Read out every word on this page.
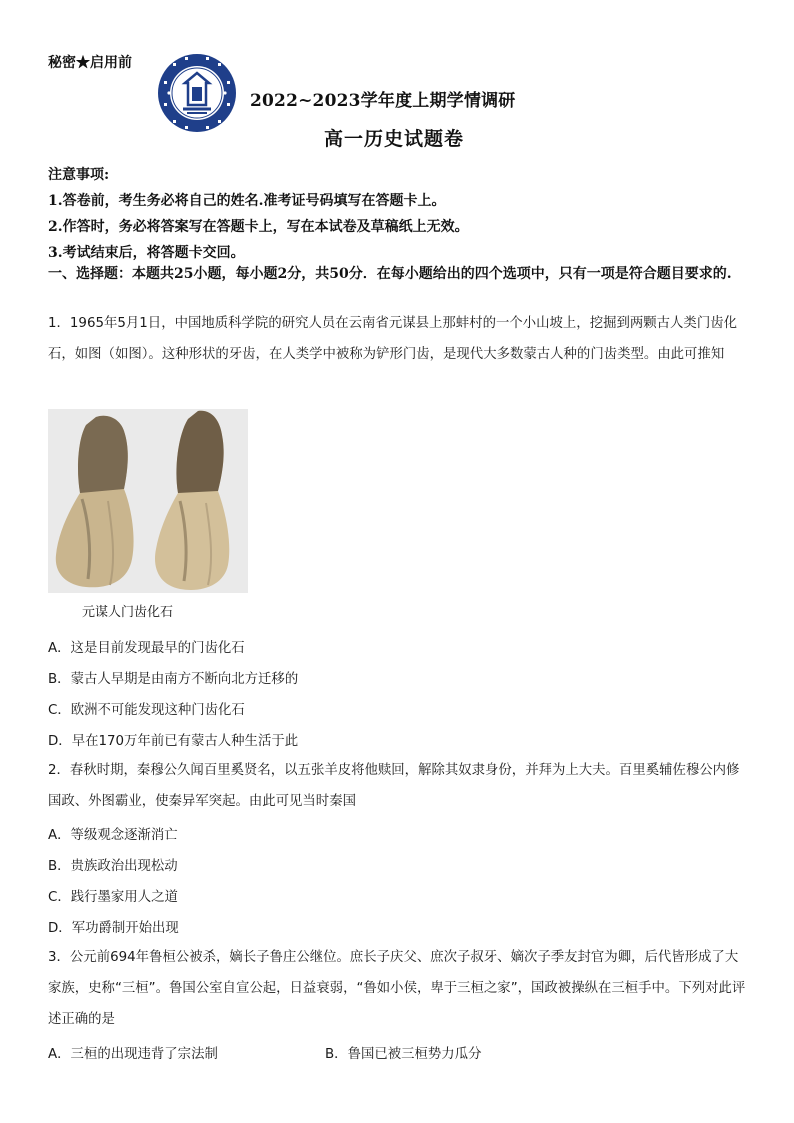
秘密★启用前
2022~2023学年度上期学情调研
高一历史试题卷
注意事项:
1.答卷前，考生务必将自己的姓名.准考证号码填写在答题卡上。
2.作答时，务必将答案写在答题卡上，写在本试卷及草稿纸上无效。
3.考试结束后，将答题卡交回。
一、选择题：本题共25小题，每小题2分，共50分．在每小题给出的四个选项中，只有一项是符合题目要求的.
1．1965年5月1日，中国地质科学院的研究人员在云南省元谋县上那蚌村的一个小山坡上，挖掘到两颗古人类门齿化石，如图（如图）。这种形状的牙齿，在人类学中被称为铲形门齿，是现代大多数蒙古人种的门齿类型。由此可推知
元谋人门齿化石
A．这是目前发现最早的门齿化石
B．蒙古人早期是由南方不断向北方迁移的
C．欧洲不可能发现这种门齿化石
D．早在170万年前已有蒙古人种生活于此
2．春秋时期，秦穆公久闻百里奚贤名，以五张羊皮将他赎回，解除其奴隶身份，并拜为上大夫。百里奚辅佐穆公内修国政、外图霸业，使秦异军突起。由此可见当时秦国
A．等级观念逐渐消亡
B．贵族政治出现松动
C．践行墨家用人之道
D．军功爵制开始出现
3．公元前694年鲁桓公被杀，嫡长子鲁庄公继位。庶长子庆父、庶次子叔牙、嫡次子季友封官为卿，后代皆形成了大家族，史称“三桓”。鲁国公室自宣公起，日益衰弱，“鲁如小侯，卑于三桓之家”，国政被操纵在三桓手中。下列对此评述正确的是
A．三桓的出现违背了宗法制	B．鲁国已被三桓势力瓜分
